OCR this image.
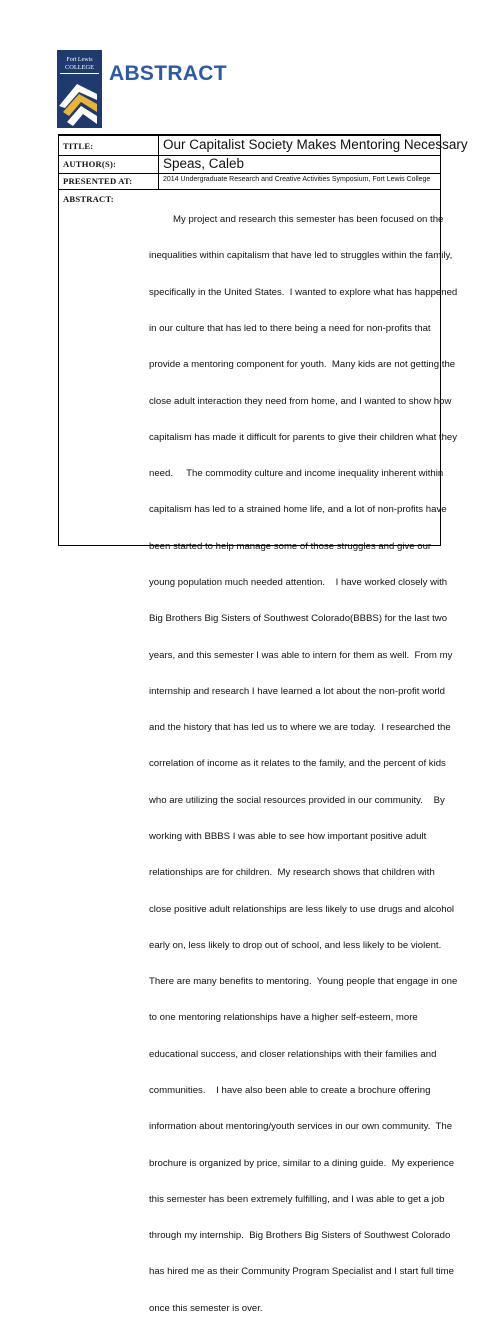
Fort Lewis
COLLEGE ABSTRACT
TITLE:	Our Capitalist Society Makes Mentoring Necessary
AUTHOR(S):	Speas, Caleb
PRESENTED AT:	2014 Undergraduate Research and Creative Activities Symposium, Fort Lewis College
ABSTRACT:

My project and research this semester has been focused on the

inequalities within capitalism that have led to struggles within the family,

specifically in the United States.  I wanted to explore what has happened

in our culture that has led to there being a need for non-profits that

provide a mentoring component for youth.  Many kids are not getting the

close adult interaction they need from home, and I wanted to show how

capitalism has made it difficult for parents to give their children what they

need.     The commodity culture and income inequality inherent within

capitalism has led to a strained home life, and a lot of non-profits have

been started to help manage some of those struggles and give our

young population much needed attention.    I have worked closely with

Big Brothers Big Sisters of Southwest Colorado(BBBS) for the last two

years, and this semester I was able to intern for them as well.  From my

internship and research I have learned a lot about the non-profit world

and the history that has led us to where we are today.  I researched the

correlation of income as it relates to the family, and the percent of kids

who are utilizing the social resources provided in our community.    By

working with BBBS I was able to see how important positive adult

relationships are for children.  My research shows that children with

close positive adult relationships are less likely to use drugs and alcohol

early on, less likely to drop out of school, and less likely to be violent.

There are many benefits to mentoring.  Young people that engage in one

to one mentoring relationships have a higher self-esteem, more

educational success, and closer relationships with their families and

communities.    I have also been able to create a brochure offering

information about mentoring/youth services in our own community.  The

brochure is organized by price, similar to a dining guide.  My experience

this semester has been extremely fulfilling, and I was able to get a job

through my internship.  Big Brothers Big Sisters of Southwest Colorado

has hired me as their Community Program Specialist and I start full time

once this semester is over.
